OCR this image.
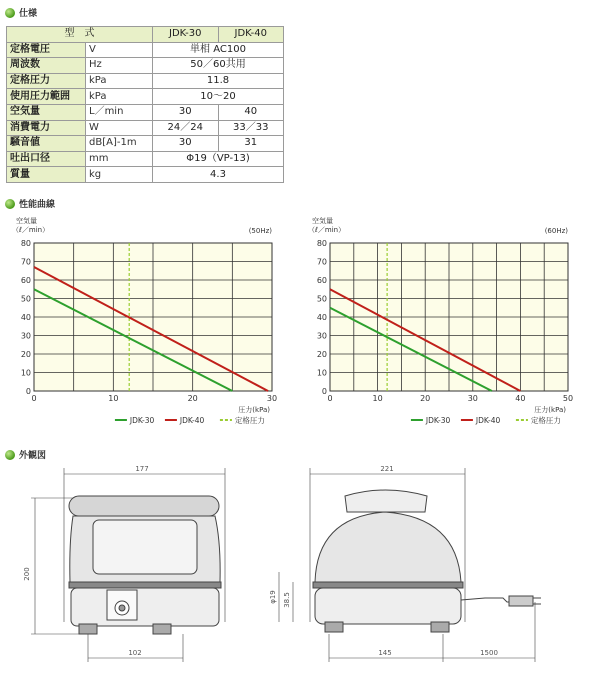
仕様
型　式		JDK-30	JDK-40
定格電圧	V	単相 AC100	
周波数	Hz	50／60共用	
定格圧力	kPa	11.8	
使用圧力範囲	kPa	10〜20	
空気量	L／min	30	40
消費電力	W	24／24	33／33
騒音値	dB[A]-1m	30	31
吐出口径	mm	Φ19（VP-13)	
質量	kg	4.3	
性能曲線
空気量
（ℓ／min）	(50Hz)
0
10
20
30
40
50
60
70
80
0	10	20	30
圧力(kPa)
JDK-30	JDK-40	定格圧力
空気量
（ℓ／min）	(60Hz)
0
10
20
30
40
50
60
70
80
0	10	20	30	40	50
圧力(kPa)
JDK-30	JDK-40	定格圧力
外観図
177
200
102
221
145	1500
φ19 38.5
